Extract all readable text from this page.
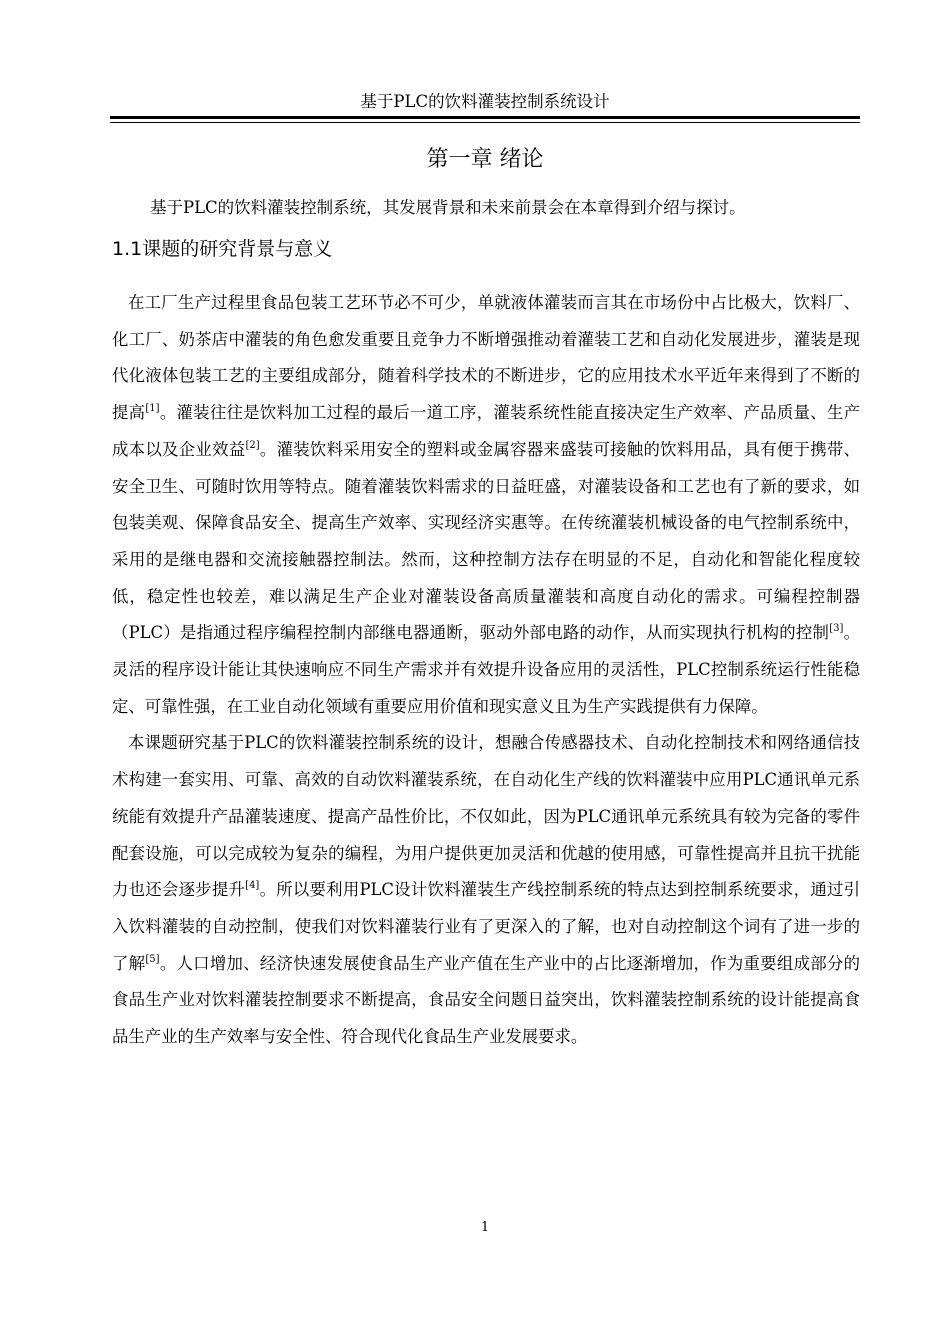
基于PLC的饮料灌装控制系统设计
第一章 绪论

基于PLC的饮料灌装控制系统，其发展背景和未来前景会在本章得到介绍与探讨。

1.1课题的研究背景与意义

在工厂生产过程里食品包装工艺环节必不可少，单就液体灌装而言其在市场份中占比极大，饮料厂、化工厂、奶茶店中灌装的角色愈发重要且竞争力不断增强推动着灌装工艺和自动化发展进步，灌装是现代化液体包装工艺的主要组成部分，随着科学技术的不断进步，它的应用技术水平近年来得到了不断的提高[1]。灌装往往是饮料加工过程的最后一道工序，灌装系统性能直接决定生产效率、产品质量、生产成本以及企业效益[2]。灌装饮料采用安全的塑料或金属容器来盛装可接触的饮料用品，具有便于携带、安全卫生、可随时饮用等特点。随着灌装饮料需求的日益旺盛，对灌装设备和工艺也有了新的要求，如包装美观、保障食品安全、提高生产效率、实现经济实惠等。在传统灌装机械设备的电气控制系统中，采用的是继电器和交流接触器控制法。然而，这种控制方法存在明显的不足，自动化和智能化程度较低，稳定性也较差，难以满足生产企业对灌装设备高质量灌装和高度自动化的需求。可编程控制器（PLC）是指通过程序编程控制内部继电器通断，驱动外部电路的动作，从而实现执行机构的控制[3]。灵活的程序设计能让其快速响应不同生产需求并有效提升设备应用的灵活性，PLC控制系统运行性能稳定、可靠性强，在工业自动化领域有重要应用价值和现实意义且为生产实践提供有力保障。

本课题研究基于PLC的饮料灌装控制系统的设计，想融合传感器技术、自动化控制技术和网络通信技术构建一套实用、可靠、高效的自动饮料灌装系统，在自动化生产线的饮料灌装中应用PLC通讯单元系统能有效提升产品灌装速度、提高产品性价比，不仅如此，因为PLC通讯单元系统具有较为完备的零件配套设施，可以完成较为复杂的编程，为用户提供更加灵活和优越的使用感，可靠性提高并且抗干扰能力也还会逐步提升[4]。所以要利用PLC设计饮料灌装生产线控制系统的特点达到控制系统要求，通过引入饮料灌装的自动控制，使我们对饮料灌装行业有了更深入的了解，也对自动控制这个词有了进一步的了解[5]。人口增加、经济快速发展使食品生产业产值在生产业中的占比逐渐增加，作为重要组成部分的食品生产业对饮料灌装控制要求不断提高，食品安全问题日益突出，饮料灌装控制系统的设计能提高食品生产业的生产效率与安全性、符合现代化食品生产业发展要求。

1
